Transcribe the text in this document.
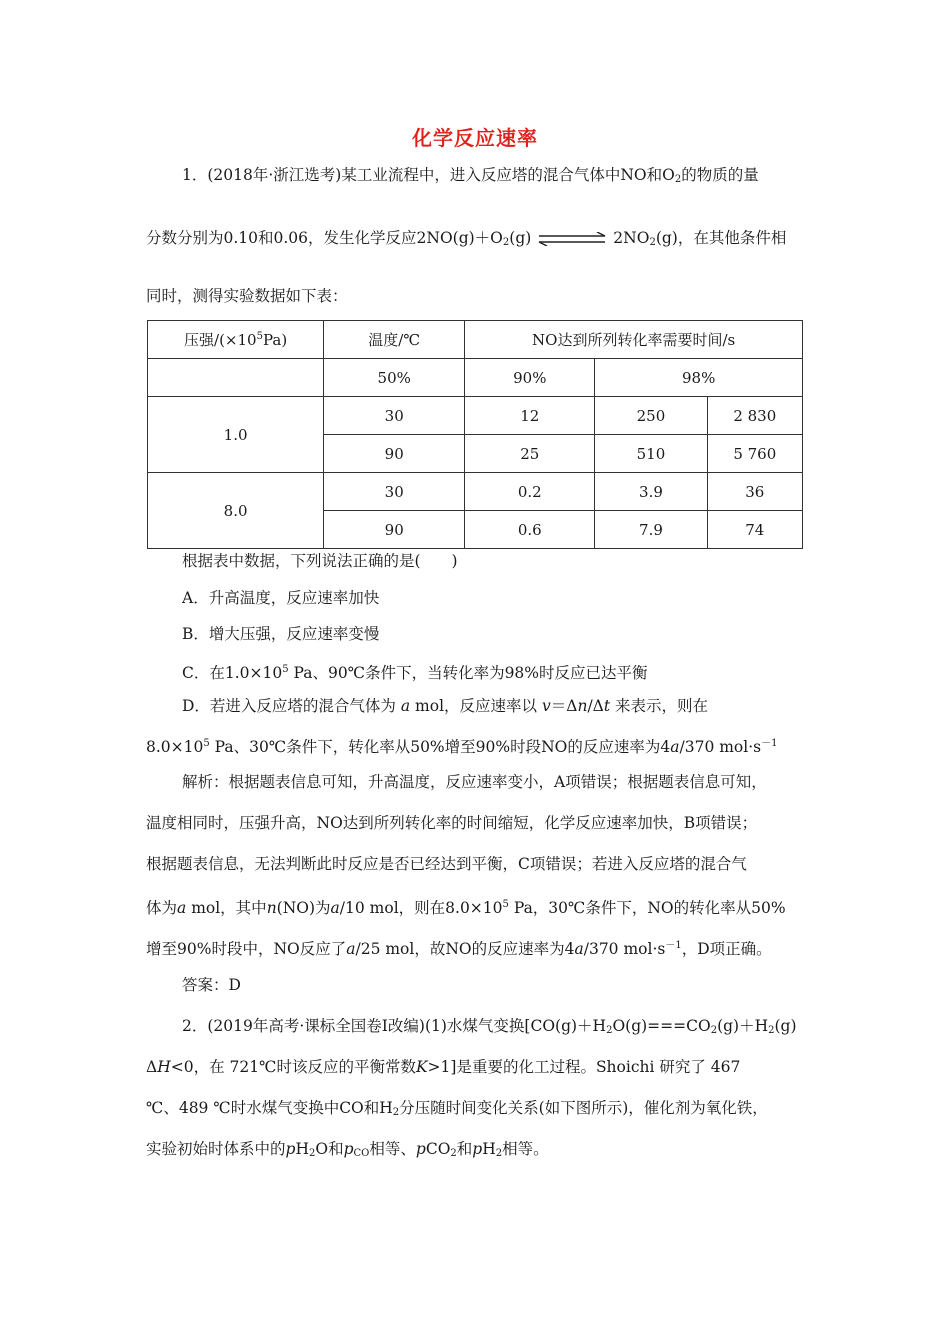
化学反应速率
1．(2018年·浙江选考)某工业流程中，进入反应塔的混合气体中NO和$O_2$的物质的量
分数分别为0.10和0.06，发生化学反应$2NO(g)+O_2(g)$	$2NO_2(g)$，在其他条件相
同时，测得实验数据如下表：
压强$/(\times 10^5Pa)$	温度/℃	NO达到所列转化率需要时间/s		
	50%	90%	98%	
1.0	30	12	250	2 830
	90	25	510	5 760
8.0	30	0.2	3.9	36
	90	0.6	7.9	74
根据表中数据，下列说法正确的是(　　)
A．升高温度，反应速率加快
B．增大压强，反应速率变慢
C．在$1.0\times 10^5$ Pa、90℃条件下，当转化率为98%时反应已达平衡
D．若进入反应塔的混合气体为 a mol，反应速率以 v＝Δn/Δt 来表示，则在
$8.0\times 10^5$ Pa、30℃条件下，转化率从50%增至90%时段NO的反应速率为4a/370 $mol\cdot s^{-1}$
解析：根据题表信息可知，升高温度，反应速率变小，A项错误；根据题表信息可知，
温度相同时，压强升高，NO达到所列转化率的时间缩短，化学反应速率加快，B项错误；
根据题表信息，无法判断此时反应是否已经达到平衡，C项错误；若进入反应塔的混合气
体为a mol，其中n(NO)为a/10 mol，则在$8.0\times 10^5$ Pa，30℃条件下，NO的转化率从50%
增至90%时段中，NO反应了a/25 mol，故NO的反应速率为4a/370 $mol\cdot s^{-1}$，D项正确。
答案：D
2．(2019年高考·课标全国卷Ⅰ改编)(1)水煤气变换[$CO(g)+H_2O(g)===CO_2(g)+H_2(g)$
ΔH<0，在 721℃时该反应的平衡常数K>1]是重要的化工过程。Shoichi 研究了 467
℃、489 ℃时水煤气变换中CO和$H_2$分压随时间变化关系(如下图所示)，催化剂为氧化铁，
实验初始时体系中的$pH_2O$和$p_{CO}$相等、pCO$_2$和$pH_2$相等。
